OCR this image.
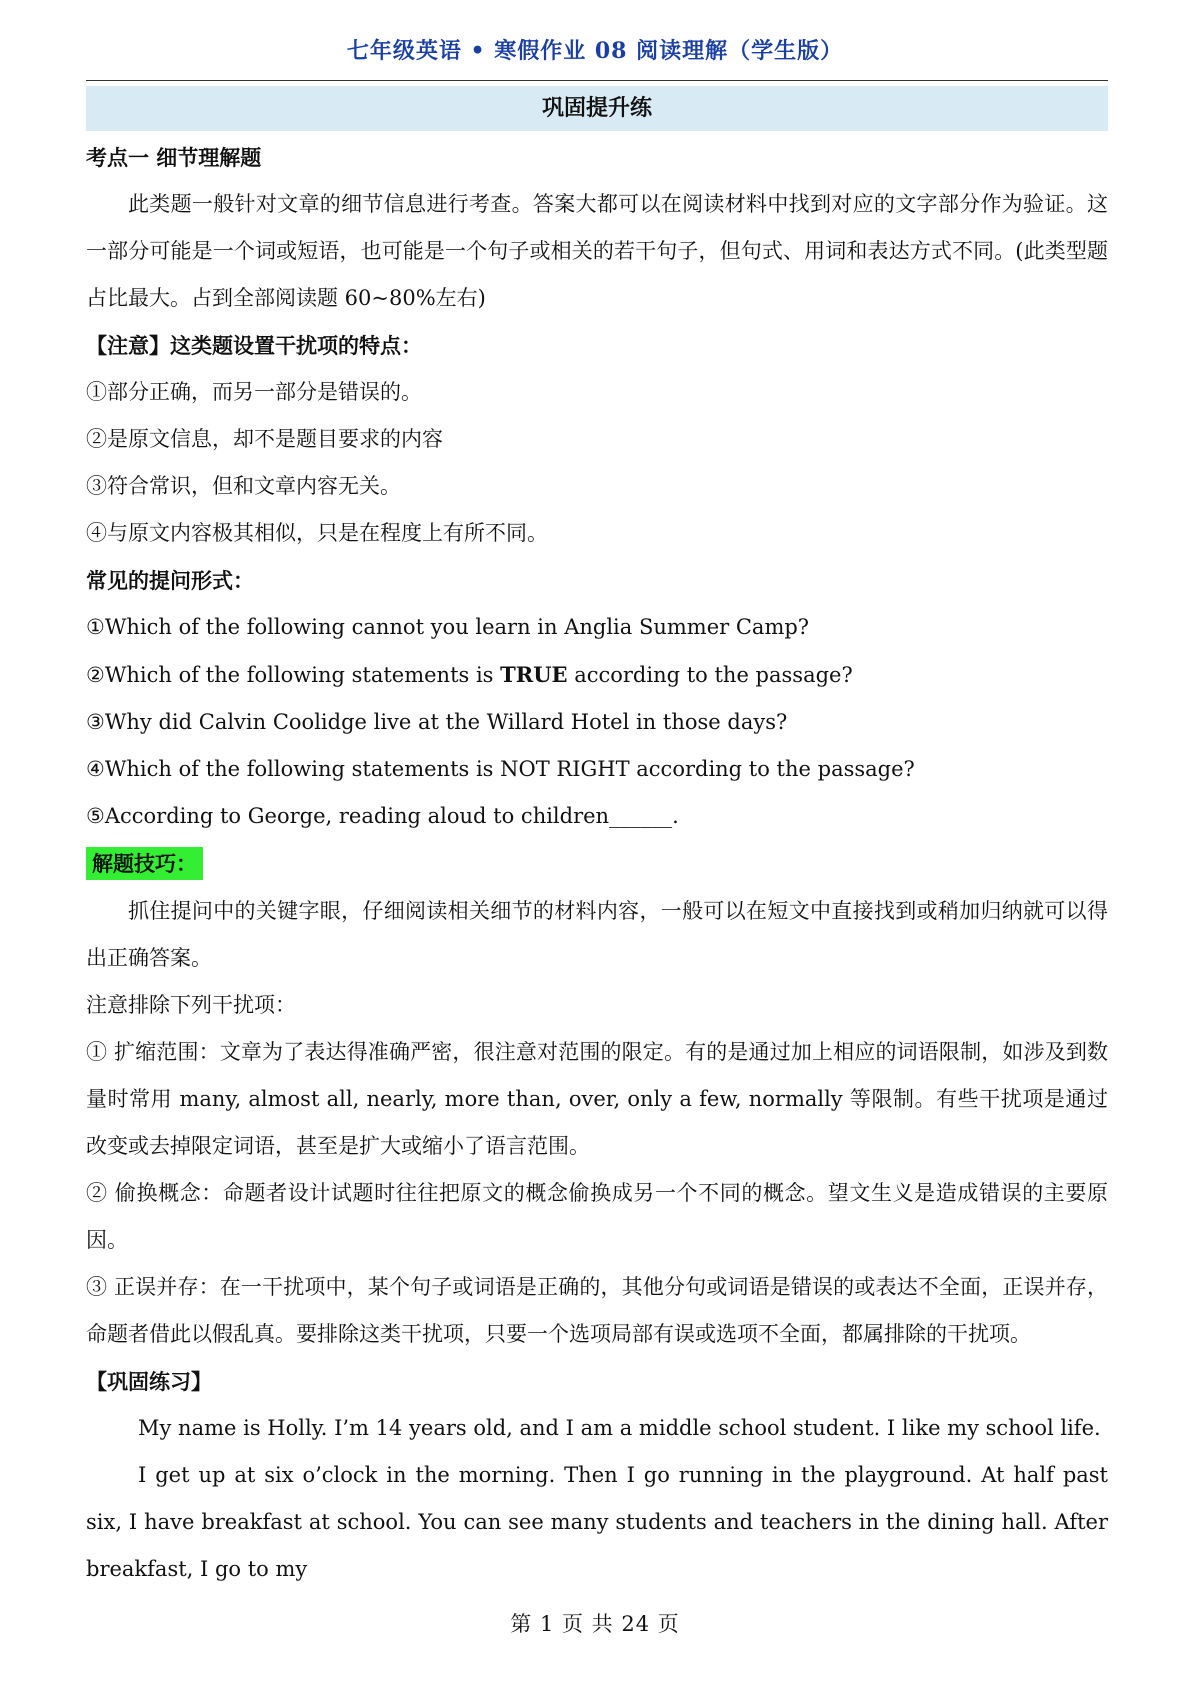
七年级英语 • 寒假作业 08 阅读理解（学生版）
巩固提升练

考点一 细节理解题

此类题一般针对文章的细节信息进行考查。答案大都可以在阅读材料中找到对应的文字部分作为验证。这一部分可能是一个词或短语，也可能是一个句子或相关的若干句子，但句式、用词和表达方式不同。(此类型题占比最大。占到全部阅读题 60~80%左右)

【注意】这类题设置干扰项的特点：

①部分正确，而另一部分是错误的。

②是原文信息，却不是题目要求的内容

③符合常识，但和文章内容无关。

④与原文内容极其相似，只是在程度上有所不同。

常见的提问形式：

①Which of the following cannot you learn in Anglia Summer Camp?

②Which of the following statements is TRUE according to the passage?

③Why did Calvin Coolidge live at the Willard Hotel in those days?

④Which of the following statements is NOT RIGHT according to the passage?

⑤According to George, reading aloud to children______.

解题技巧：

抓住提问中的关键字眼，仔细阅读相关细节的材料内容，一般可以在短文中直接找到或稍加归纳就可以得出正确答案。

注意排除下列干扰项：

① 扩缩范围：文章为了表达得准确严密，很注意对范围的限定。有的是通过加上相应的词语限制，如涉及到数量时常用 many, almost all, nearly, more than, over, only a few, normally 等限制。有些干扰项是通过改变或去掉限定词语，甚至是扩大或缩小了语言范围。

② 偷换概念：命题者设计试题时往往把原文的概念偷换成另一个不同的概念。望文生义是造成错误的主要原因。

③ 正误并存：在一干扰项中，某个句子或词语是正确的，其他分句或词语是错误的或表达不全面，正误并存，命题者借此以假乱真。要排除这类干扰项，只要一个选项局部有误或选项不全面，都属排除的干扰项。

【巩固练习】

My name is Holly. I’m 14 years old, and I am a middle school student. I like my school life.

I get up at six o’clock in the morning. Then I go running in the playground. At half past six, I have breakfast at school. You can see many students and teachers in the dining hall. After breakfast, I go to my

第 1 页 共 24 页
